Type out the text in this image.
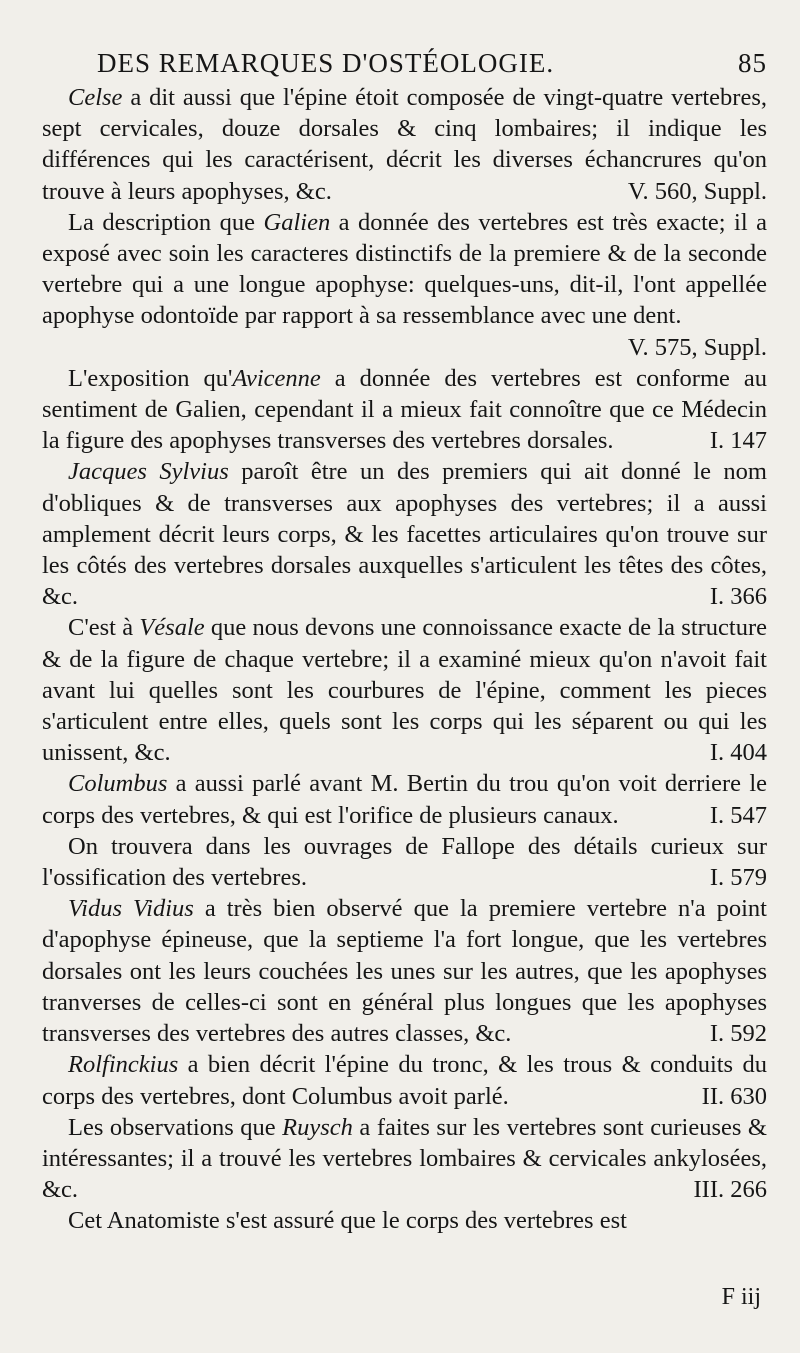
DES REMARQUES D'OSTÉOLOGIE.	85

Celse a dit aussi que l'épine étoit composée de vingt-quatre vertebres, sept cervicales, douze dorsales & cinq lombaires; il indique les différences qui les caractérisent, décrit les diverses échancrures qu'on trouve à leurs apophyses, &c.	V. 560, Suppl.

La description que Galien a donnée des vertebres est très exacte; il a exposé avec soin les caracteres distinctifs de la premiere & de la seconde vertebre qui a une longue apophyse: quelques-uns, dit-il, l'ont appellée apophyse odontoïde par rapport à sa ressemblance avec une dent.
V. 575, Suppl.

L'exposition qu'Avicenne a donnée des vertebres est conforme au sentiment de Galien, cependant il a mieux fait connoître que ce Médecin la figure des apophyses transverses des vertebres dorsales.	I. 147

Jacques Sylvius paroît être un des premiers qui ait donné le nom d'obliques & de transverses aux apophyses des vertebres; il a aussi amplement décrit leurs corps, & les facettes articulaires qu'on trouve sur les côtés des vertebres dorsales auxquelles s'articulent les têtes des côtes, &c.	I. 366

C'est à Vésale que nous devons une connoissance exacte de la structure & de la figure de chaque vertebre; il a examiné mieux qu'on n'avoit fait avant lui quelles sont les courbures de l'épine, comment les pieces s'articulent entre elles, quels sont les corps qui les séparent ou qui les unissent, &c.	I. 404

Columbus a aussi parlé avant M. Bertin du trou qu'on voit derriere le corps des vertebres, & qui est l'orifice de plusieurs canaux.	I. 547

On trouvera dans les ouvrages de Fallope des détails curieux sur l'ossification des vertebres.	I. 579

Vidus Vidius a très bien observé que la premiere vertebre n'a point d'apophyse épineuse, que la septieme l'a fort longue, que les vertebres dorsales ont les leurs couchées les unes sur les autres, que les apophyses tranverses de celles-ci sont en général plus longues que les apophyses transverses des vertebres des autres classes, &c.	I. 592

Rolfinckius a bien décrit l'épine du tronc, & les trous & conduits du corps des vertebres, dont Columbus avoit parlé.	II. 630

Les observations que Ruysch a faites sur les vertebres sont curieuses & intéressantes; il a trouvé les vertebres lombaires & cervicales ankylosées, &c.	III. 266

Cet Anatomiste s'est assuré que le corps des vertebres est

F iij
